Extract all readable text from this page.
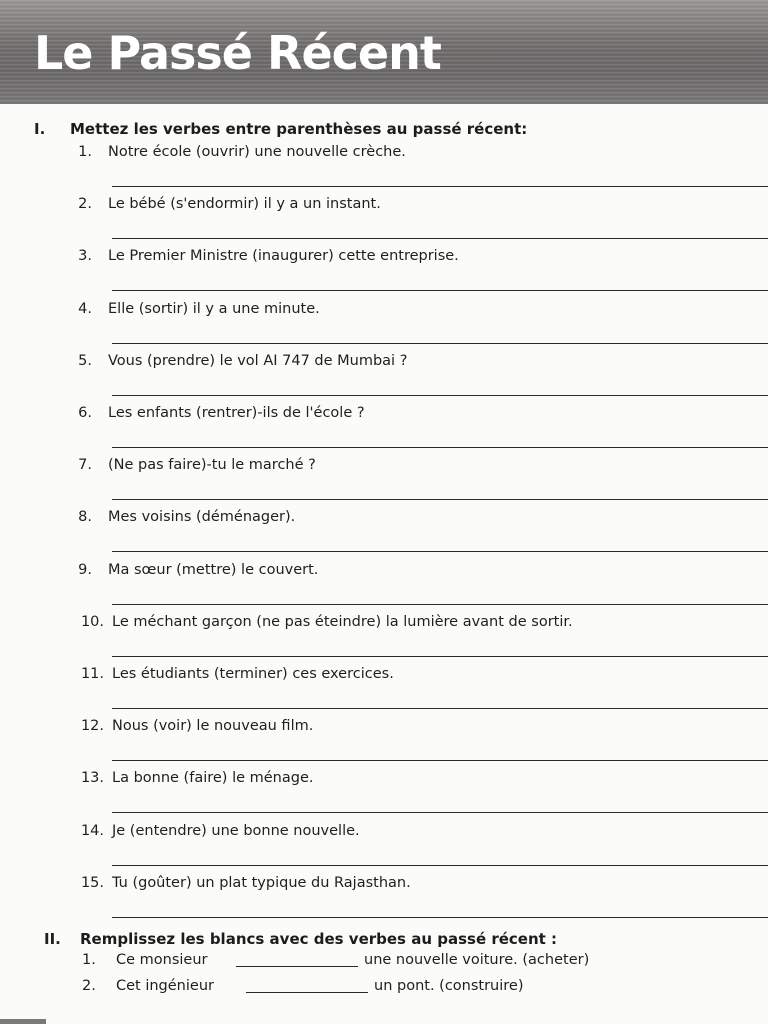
Le Passé Récent
I. Mettez les verbes entre parenthèses au passé récent:
1. Notre école (ouvrir) une nouvelle crèche.
2. Le bébé (s'endormir) il y a un instant.
3. Le Premier Ministre (inaugurer) cette entreprise.
4. Elle (sortir) il y a une minute.
5. Vous (prendre) le vol AI 747 de Mumbai ?
6. Les enfants (rentrer)-ils de l'école ?
7. (Ne pas faire)-tu le marché ?
8. Mes voisins (déménager).
9. Ma sœur (mettre) le couvert.
10. Le méchant garçon (ne pas éteindre) la lumière avant de sortir.
11. Les étudiants (terminer) ces exercices.
12. Nous (voir) le nouveau film.
13. La bonne (faire) le ménage.
14. Je (entendre) une bonne nouvelle.
15. Tu (goûter) un plat typique du Rajasthan.
II. Remplissez les blancs avec des verbes au passé récent :
1. Ce monsieur	une nouvelle voiture. (acheter)
2. Cet ingénieur	un pont. (construire)
